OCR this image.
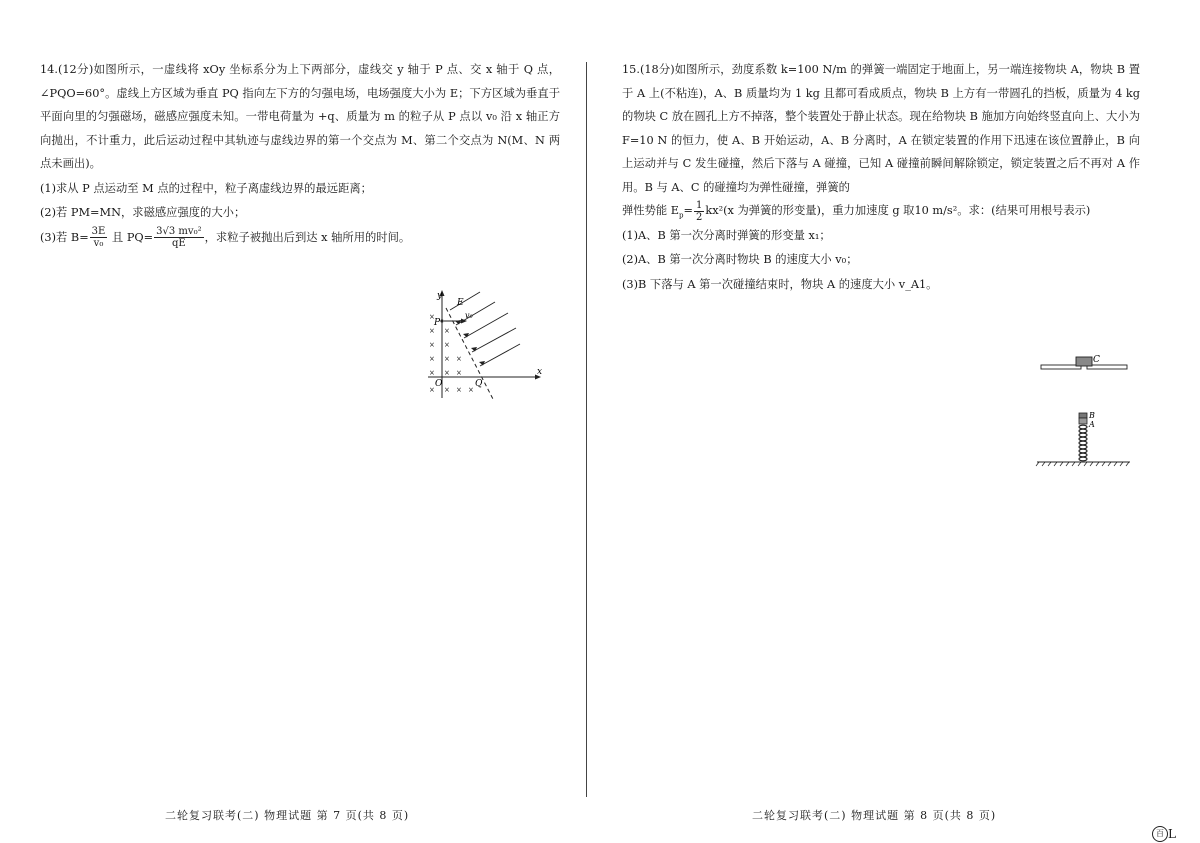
14.(12分)如图所示，一虚线将 xOy 坐标系分为上下两部分，虚线交 y 轴于 P 点、交 x 轴于 Q 点，∠PQO=60°。虚线上方区域为垂直 PQ 指向左下方的匀强电场，电场强度大小为 E；下方区域为垂直于平面向里的匀强磁场，磁感应强度未知。一带电荷量为 +q、质量为 m 的粒子从 P 点以 v₀ 沿 x 轴正方向抛出，不计重力，此后运动过程中其轨迹与虚线边界的第一个交点为 M、第二个交点为 N(M、N 两点未画出)。

(1)求从 P 点运动至 M 点的过程中，粒子离虚线边界的最远距离；

(2)若 PM=MN，求磁感应强度的大小；

(3)若 $B= \frac{3E}{\text{v₀}}$ 且 $PQ= \frac{\text{3√3 mv₀²}}{qE}$ ，求粒子被抛出后到达 x 轴所用的时间。

×
× ×
× ×
× × ×
× × ×
× × × ×
y
x
E
P
v₀
O	Q

15.(18分)如图所示，劲度系数 k=100 N/m 的弹簧一端固定于地面上，另一端连接物块 A，物块 B 置于 A 上(不粘连)，A、B 质量均为 1 kg 且都可看成质点，物块 B 上方有一带圆孔的挡板，质量为 4 kg 的物块 C 放在圆孔上方不掉落，整个装置处于静止状态。现在给物块 B 施加方向始终竖直向上、大小为 F=10 N 的恒力，使 A、B 开始运动，A、B 分离时，A 在锁定装置的作用下迅速在该位置静止，B 向上运动并与 C 发生碰撞，然后下落与 A 碰撞，已知 A 碰撞前瞬间解除锁定，锁定装置之后不再对 A 作用。B 与 A、C 的碰撞均为弹性碰撞，弹簧的

弹性势能 $E_p= \frac{1}{2} kx^2(x$ 为弹簧的形变量)，重力加速度 g 取10 m/s²。求：(结果可用根号表示)

(1)A、B 第一次分离时弹簧的形变量 x₁；

(2)A、B 第一次分离时物块 B 的速度大小 v₀；

(3)B 下落与 A 第一次碰撞结束时，物块 A 的速度大小 v_A1。

C
B
A
二轮复习联考(二) 物理试题 第 7 页(共 8 页)	二轮复习联考(二) 物理试题 第 8 页(共 8 页)
百 L
